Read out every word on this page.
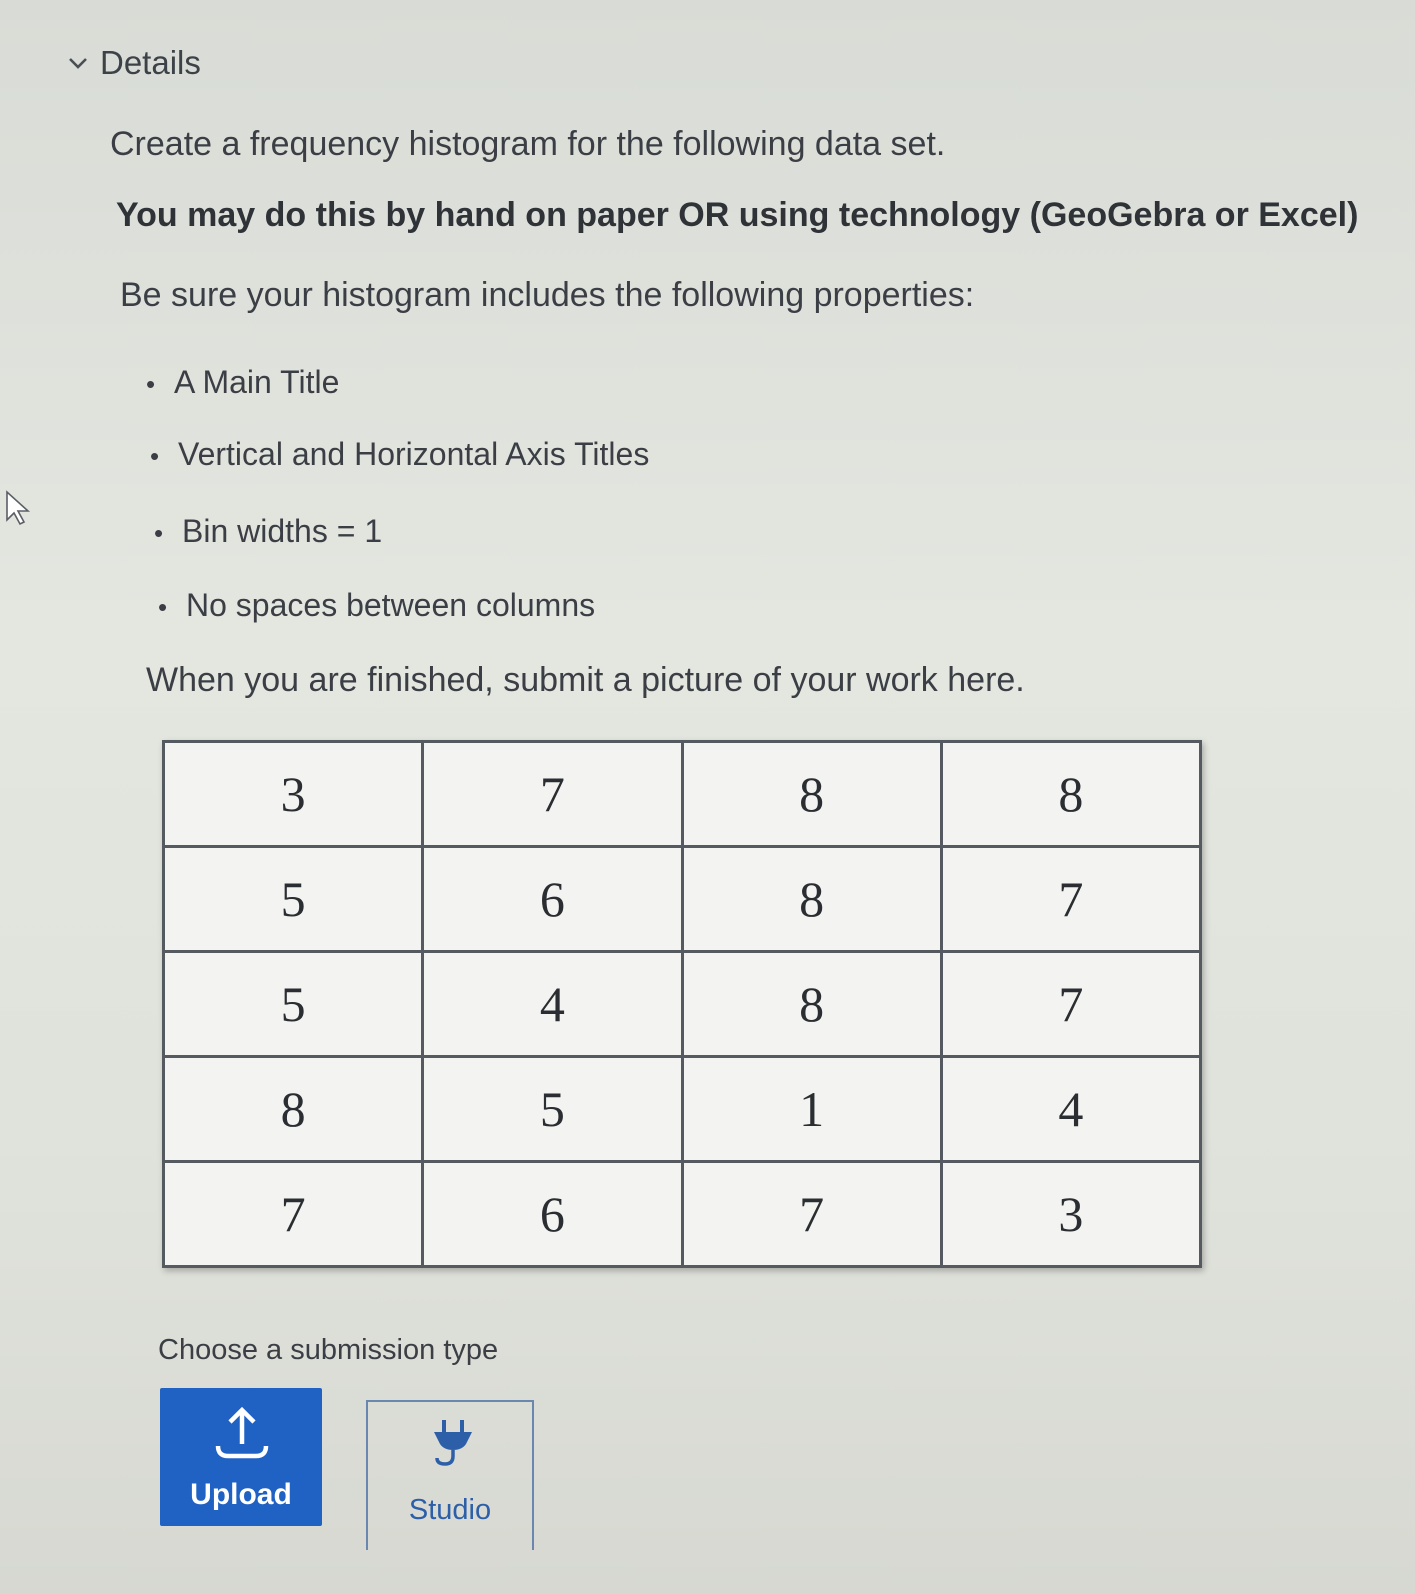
Details

Create a frequency histogram for the following data set.

You may do this by hand on paper OR using technology (GeoGebra or Excel)

Be sure your histogram includes the following properties:

• A Main Title
• Vertical and Horizontal Axis Titles
• Bin widths = 1
• No spaces between columns

When you are finished, submit a picture of your work here.

3	7	8	8
5	6	8	7
5	4	8	7
8	5	1	4
7	6	7	3

Choose a submission type

Upload	Studio
